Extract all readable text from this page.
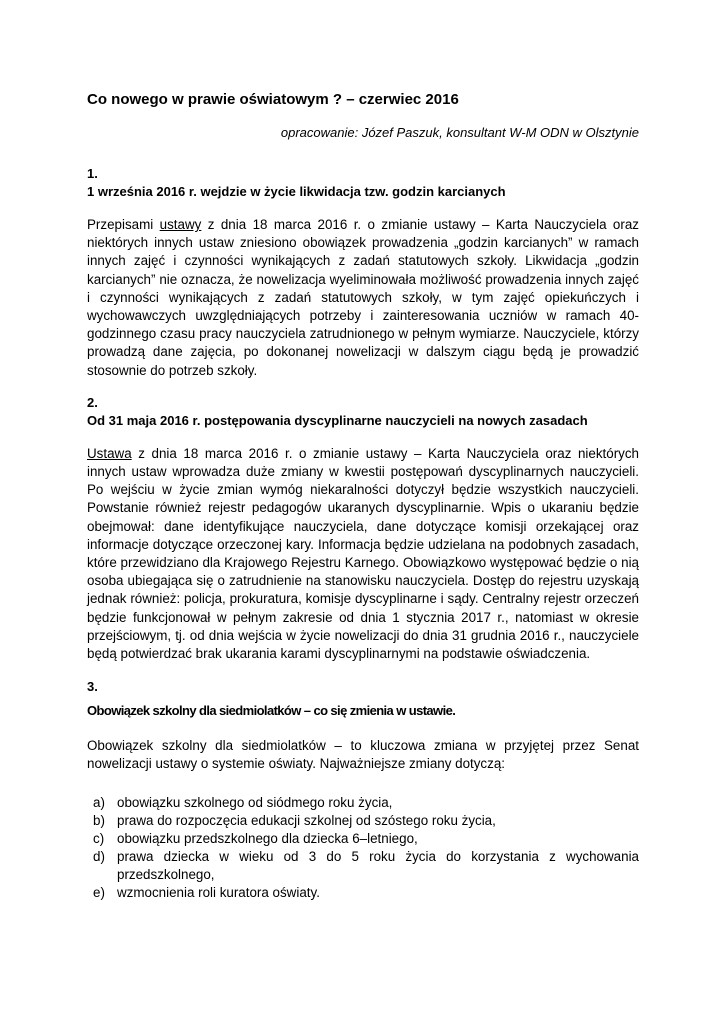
Co nowego w prawie oświatowym ? – czerwiec 2016

opracowanie: Józef Paszuk, konsultant W-M ODN w Olsztynie

1.

1 września 2016 r. wejdzie w życie likwidacja tzw. godzin karcianych

Przepisami ustawy z dnia 18 marca 2016 r. o zmianie ustawy – Karta Nauczyciela oraz niektórych innych ustaw zniesiono obowiązek prowadzenia „godzin karcianych” w ramach innych zajęć i czynności wynikających z zadań statutowych szkoły. Likwidacja „godzin karcianych” nie oznacza, że nowelizacja wyeliminowała możliwość prowadzenia innych zajęć i czynności wynikających z zadań statutowych szkoły, w tym zajęć opiekuńczych i wychowawczych uwzględniających potrzeby i zainteresowania uczniów w ramach 40-godzinnego czasu pracy nauczyciela zatrudnionego w pełnym wymiarze. Nauczyciele, którzy prowadzą dane zajęcia, po dokonanej nowelizacji w dalszym ciągu będą je prowadzić stosownie do potrzeb szkoły.

2.

Od 31 maja 2016 r. postępowania dyscyplinarne nauczycieli na nowych zasadach

Ustawa z dnia 18 marca 2016 r. o zmianie ustawy – Karta Nauczyciela oraz niektórych innych ustaw wprowadza duże zmiany w kwestii postępowań dyscyplinarnych nauczycieli. Po wejściu w życie zmian wymóg niekaralności dotyczył będzie wszystkich nauczycieli. Powstanie również rejestr pedagogów ukaranych dyscyplinarnie. Wpis o ukaraniu będzie obejmował: dane identyfikujące nauczyciela, dane dotyczące komisji orzekającej oraz informacje dotyczące orzeczonej kary. Informacja będzie udzielana na podobnych zasadach, które przewidziano dla Krajowego Rejestru Karnego. Obowiązkowo występować będzie o nią osoba ubiegająca się o zatrudnienie na stanowisku nauczyciela. Dostęp do rejestru uzyskają jednak również: policja, prokuratura, komisje dyscyplinarne i sądy. Centralny rejestr orzeczeń będzie funkcjonował w pełnym zakresie od dnia 1 stycznia 2017 r., natomiast w okresie przejściowym, tj. od dnia wejścia w życie nowelizacji do dnia 31 grudnia 2016 r., nauczyciele będą potwierdzać brak ukarania karami dyscyplinarnymi na podstawie oświadczenia.

3.

Obowiązek szkolny dla siedmiolatków – co się zmienia w ustawie.

Obowiązek szkolny dla siedmiolatków – to kluczowa zmiana w przyjętej przez Senat nowelizacji ustawy o systemie oświaty. Najważniejsze zmiany dotyczą:

a) obowiązku szkolnego od siódmego roku życia,
b) prawa do rozpoczęcia edukacji szkolnej od szóstego roku życia,
c) obowiązku przedszkolnego dla dziecka 6–letniego,
d) prawa dziecka w wieku od 3 do 5 roku życia do korzystania z wychowania przedszkolnego,
e) wzmocnienia roli kuratora oświaty.
